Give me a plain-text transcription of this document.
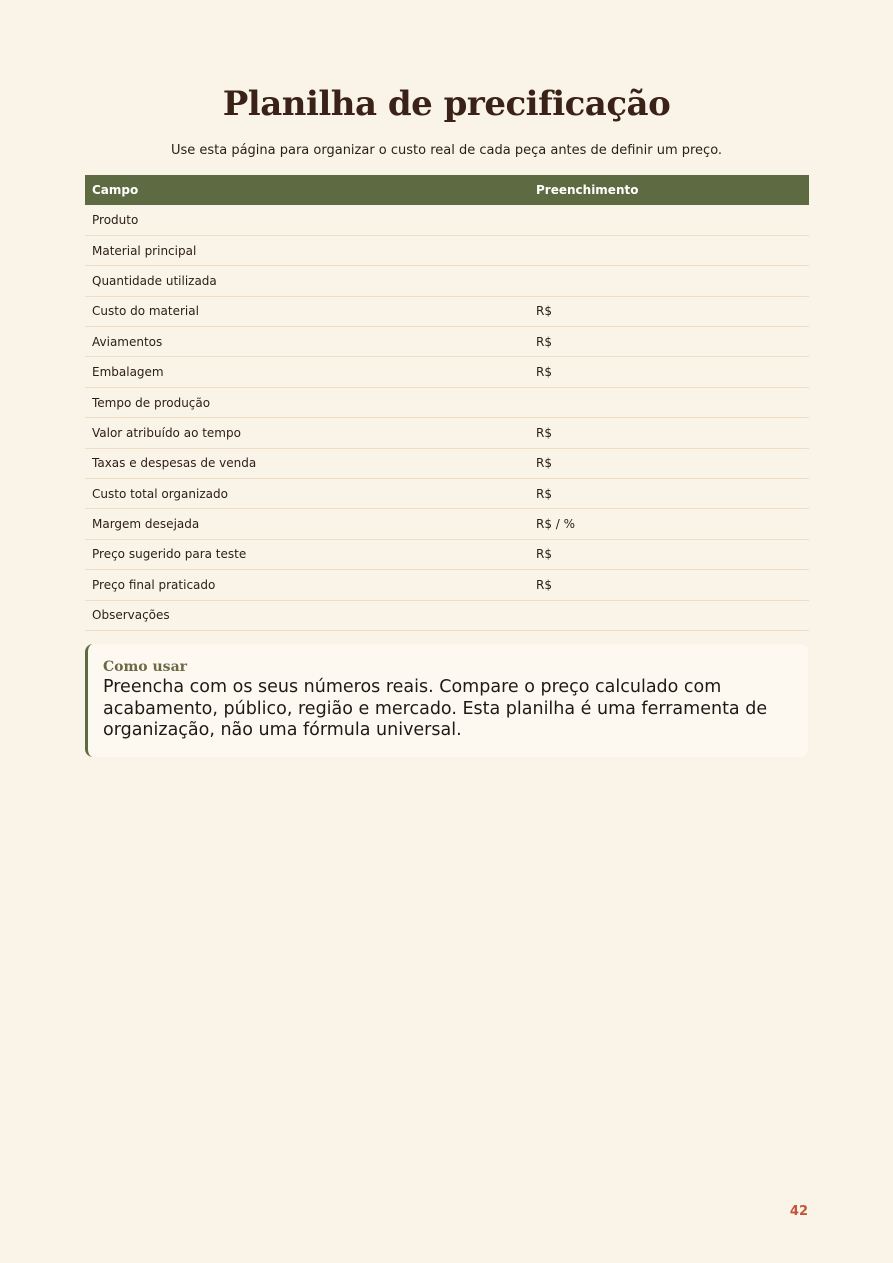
Planilha de precificação

Use esta página para organizar o custo real de cada peça antes de definir um preço.

Campo	Preenchimento
Produto	
Material principal	
Quantidade utilizada	
Custo do material	R$
Aviamentos	R$
Embalagem	R$
Tempo de produção	
Valor atribuído ao tempo	R$
Taxas e despesas de venda	R$
Custo total organizado	R$
Margem desejada	R$ / %
Preço sugerido para teste	R$
Preço final praticado	R$
Observações	

Como usar

Preencha com os seus números reais. Compare o preço calculado com acabamento, público, região e mercado. Esta planilha é uma ferramenta de organização, não uma fórmula universal.

42
